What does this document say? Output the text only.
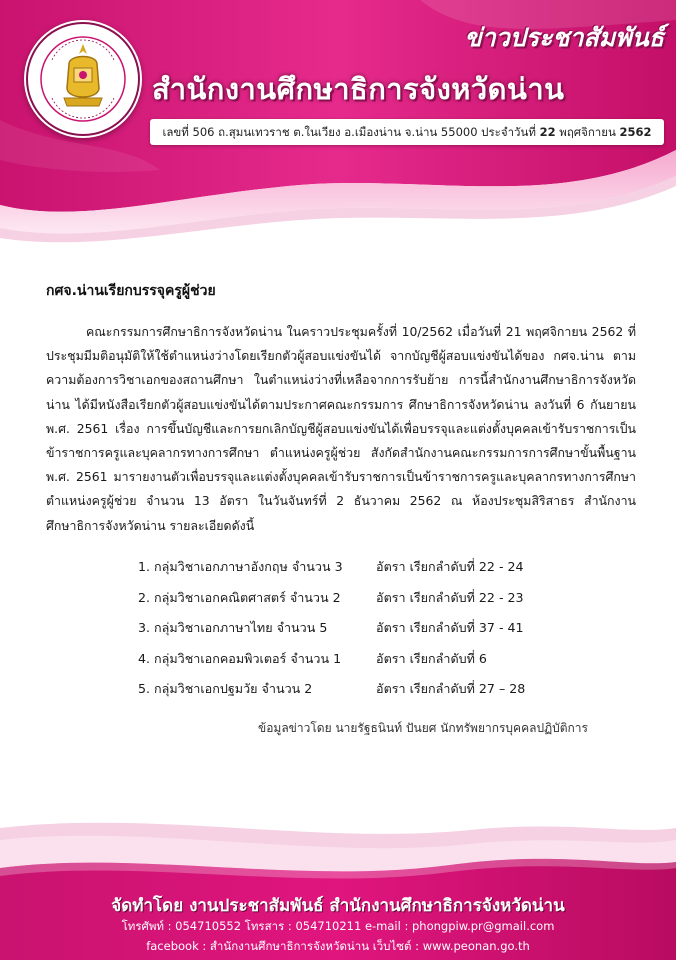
ข่าวประชาสัมพันธ์
สำนักงานศึกษาธิการจังหวัดน่าน
เลขที่ 506 ถ.สุมนเทวราช ต.ในเวียง อ.เมืองน่าน จ.น่าน 55000 ประจำวันที่ 22 พฤศจิกายน 2562
กศจ.น่านเรียกบรรจุครูผู้ช่วย
คณะกรรมการศึกษาธิการจังหวัดน่าน ในคราวประชุมครั้งที่ 10/2562 เมื่อวันที่ 21 พฤศจิกายน 2562 ที่ประชุมมีมติอนุมัติให้ใช้ตำแหน่งว่างโดยเรียกตัวผู้สอบแข่งขันได้ จากบัญชีผู้สอบแข่งขันได้ของ กศจ.น่าน ตามความต้องการวิชาเอกของสถานศึกษา ในตำแหน่งว่างที่เหลือจากการรับย้าย การนี้สำนักงานศึกษาธิการจังหวัดน่าน ได้มีหนังสือเรียกตัวผู้สอบแข่งขันได้ตามประกาศคณะกรรมการ ศึกษาธิการจังหวัดน่าน ลงวันที่ 6 กันยายน พ.ศ. 2561 เรื่อง การขึ้นบัญชีและการยกเลิกบัญชีผู้สอบแข่งขันได้เพื่อบรรจุและแต่งตั้งบุคคลเข้ารับราชการเป็นข้าราชการครูและบุคลากรทางการศึกษา ตำแหน่งครูผู้ช่วย สังกัดสำนักงานคณะกรรมการการศึกษาขั้นพื้นฐาน พ.ศ. 2561 มารายงานตัวเพื่อบรรจุและแต่งตั้งบุคคลเข้ารับราชการเป็นข้าราชการครูและบุคลากรทางการศึกษา ตำแหน่งครูผู้ช่วย จำนวน 13 อัตรา ในวันจันทร์ที่ 2 ธันวาคม 2562 ณ ห้องประชุมสิริสาธร สำนักงานศึกษาธิการจังหวัดน่าน รายละเอียดดังนี้
1. กลุ่มวิชาเอกภาษาอังกฤษ จำนวน 3	อัตรา เรียกลำดับที่ 22 - 24
2. กลุ่มวิชาเอกคณิตศาสตร์ จำนวน 2	อัตรา เรียกลำดับที่ 22 - 23
3. กลุ่มวิชาเอกภาษาไทย จำนวน 5	อัตรา เรียกลำดับที่ 37 - 41
4. กลุ่มวิชาเอกคอมพิวเตอร์ จำนวน 1	อัตรา เรียกลำดับที่ 6
5. กลุ่มวิชาเอกปฐมวัย จำนวน 2	อัตรา เรียกลำดับที่ 27 – 28
ข้อมูลข่าวโดย นายรัฐธนินท์ ปันยศ นักทรัพยากรบุคคลปฏิบัติการ
จัดทำโดย งานประชาสัมพันธ์ สำนักงานศึกษาธิการจังหวัดน่าน
โทรศัพท์ : 054710552 โทรสาร : 054710211 e-mail : phongpiw.pr@gmail.com
facebook : สำนักงานศึกษาธิการจังหวัดน่าน เว็บไซต์ : www.peonan.go.th
